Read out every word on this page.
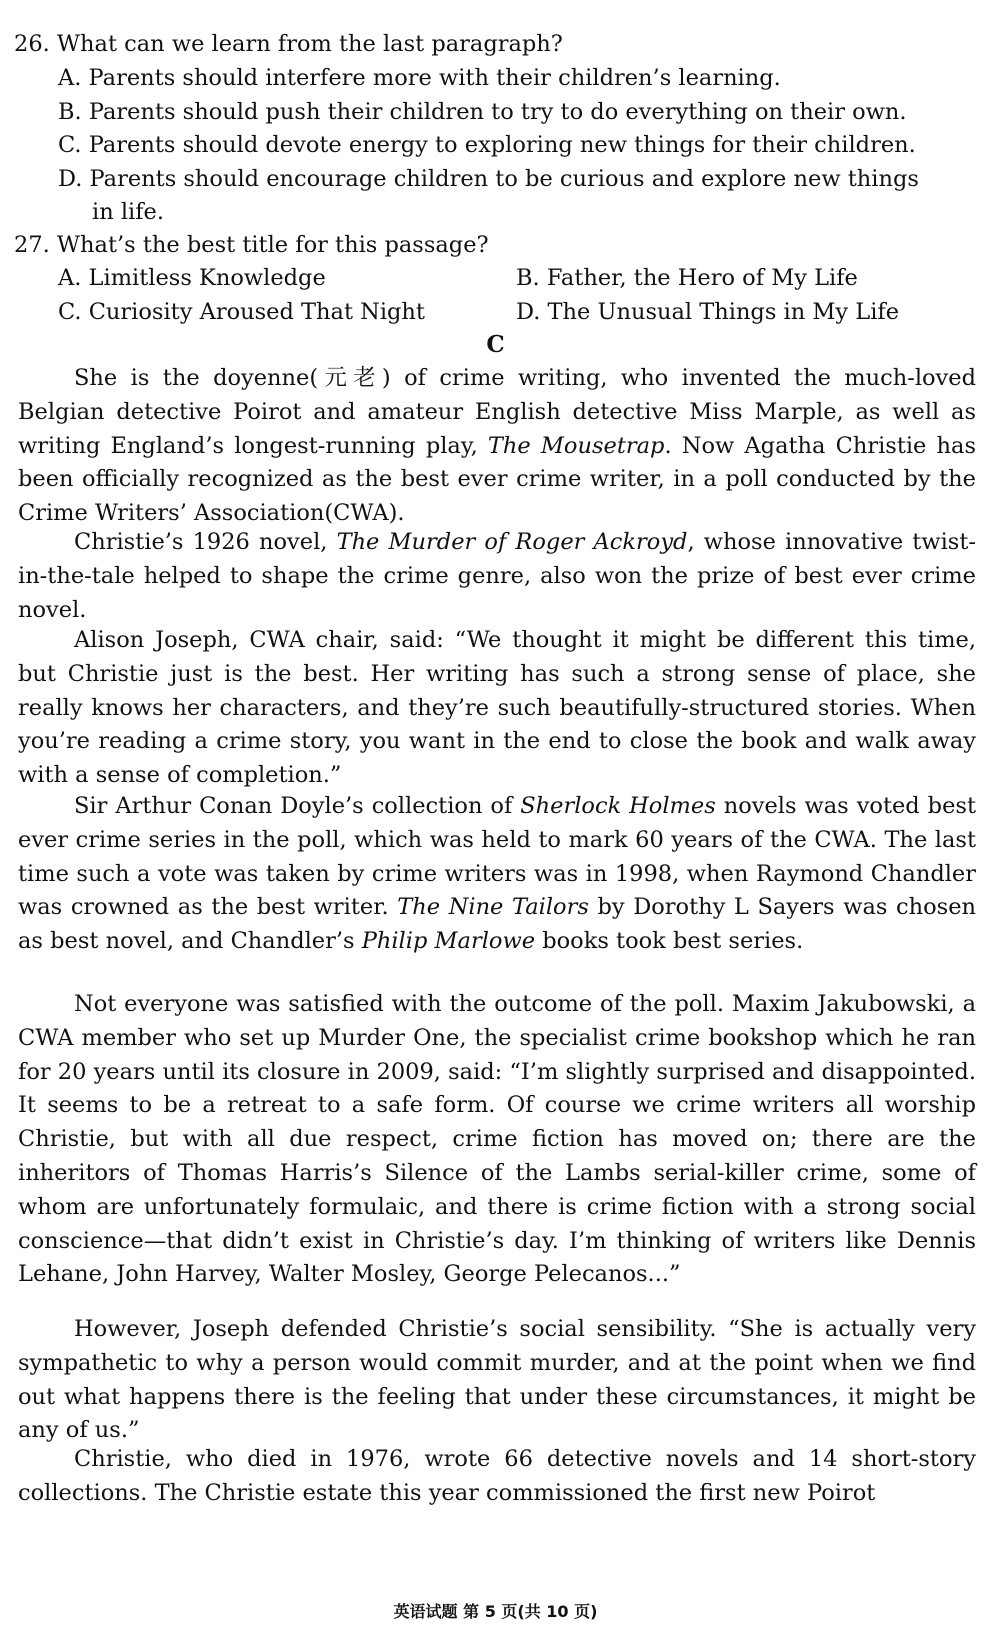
26. What can we learn from the last paragraph?
A. Parents should interfere more with their children’s learning.
B. Parents should push their children to try to do everything on their own.
C. Parents should devote energy to exploring new things for their children.
D. Parents should encourage children to be curious and explore new things
in life.
27. What’s the best title for this passage?
A. Limitless Knowledge	B. Father, the Hero of My Life
C. Curiosity Aroused That Night	D. The Unusual Things in My Life
C
She is the doyenne(元老) of crime writing, who invented the much-loved Belgian detective Poirot and amateur English detective Miss Marple, as well as writing England’s longest-running play, The Mousetrap. Now Agatha Christie has been officially recognized as the best ever crime writer, in a poll conducted by the Crime Writers’ Association(CWA).
Christie’s 1926 novel, The Murder of Roger Ackroyd, whose innovative twist-in-the-tale helped to shape the crime genre, also won the prize of best ever crime novel.
Alison Joseph, CWA chair, said: “We thought it might be different this time, but Christie just is the best. Her writing has such a strong sense of place, she really knows her characters, and they’re such beautifully-structured stories. When you’re reading a crime story, you want in the end to close the book and walk away with a sense of completion.”
Sir Arthur Conan Doyle’s collection of Sherlock Holmes novels was voted best ever crime series in the poll, which was held to mark 60 years of the CWA. The last time such a vote was taken by crime writers was in 1998, when Raymond Chandler was crowned as the best writer. The Nine Tailors by Dorothy L Sayers was chosen as best novel, and Chandler’s Philip Marlowe books took best series.
Not everyone was satisfied with the outcome of the poll. Maxim Jakubowski, a CWA member who set up Murder One, the specialist crime bookshop which he ran for 20 years until its closure in 2009, said: “I’m slightly surprised and disappointed. It seems to be a retreat to a safe form. Of course we crime writers all worship Christie, but with all due respect, crime fiction has moved on; there are the inheritors of Thomas Harris’s Silence of the Lambs serial-killer crime, some of whom are unfortunately formulaic, and there is crime fiction with a strong social conscience—that didn’t exist in Christie’s day. I’m thinking of writers like Dennis Lehane, John Harvey, Walter Mosley, George Pelecanos...”
However, Joseph defended Christie’s social sensibility. “She is actually very sympathetic to why a person would commit murder, and at the point when we find out what happens there is the feeling that under these circumstances, it might be any of us.”
Christie, who died in 1976, wrote 66 detective novels and 14 short-story collections. The Christie estate this year commissioned the first new Poirot
英语试题 第 5 页(共 10 页)
